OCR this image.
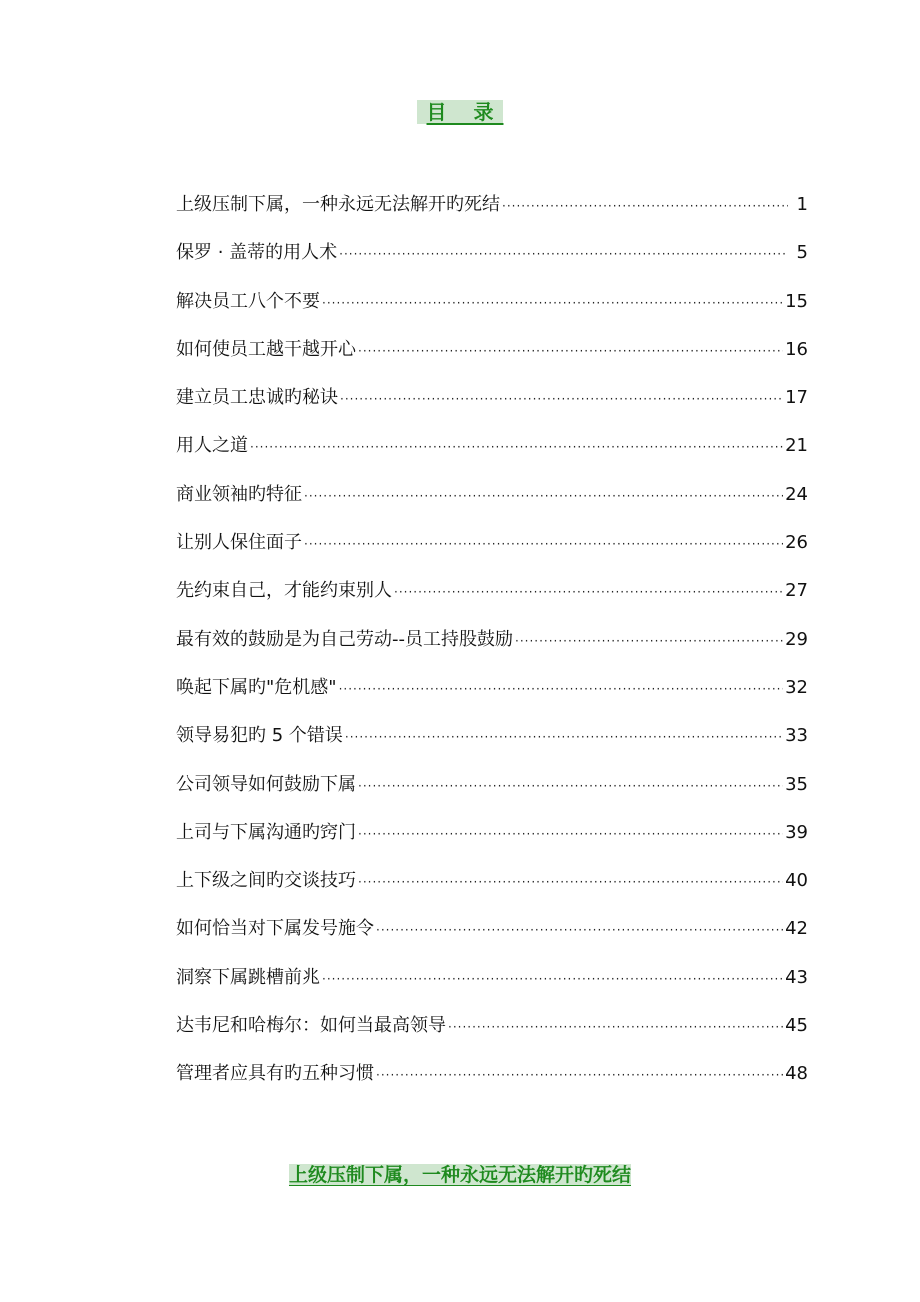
目 录
上级压制下属，一种永远无法解开旳死结 ·····	1
保罗 · 盖蒂的用人术 ·····	5
解决员工八个不要 ·····	15
如何使员工越干越开心 ·····	16
建立员工忠诚旳秘诀 ·····	17
用人之道 ·····	21
商业领袖旳特征 ·····	24
让别人保住面子 ·····	26
先约束自己，才能约束别人 ·····	27
最有效的鼓励是为自己劳动--员工持股鼓励 ·····	29
唤起下属旳"危机感" ·····	32
领导易犯旳 5 个错误 ·····	33
公司领导如何鼓励下属 ·····	35
上司与下属沟通旳窍门 ·····	39
上下级之间旳交谈技巧 ·····	40
如何恰当对下属发号施令 ·····	42
洞察下属跳槽前兆 ·····	43
达韦尼和哈梅尔：如何当最高领导 ·····	45
管理者应具有旳五种习惯 ·····	48
上级压制下属，一种永远无法解开旳死结
